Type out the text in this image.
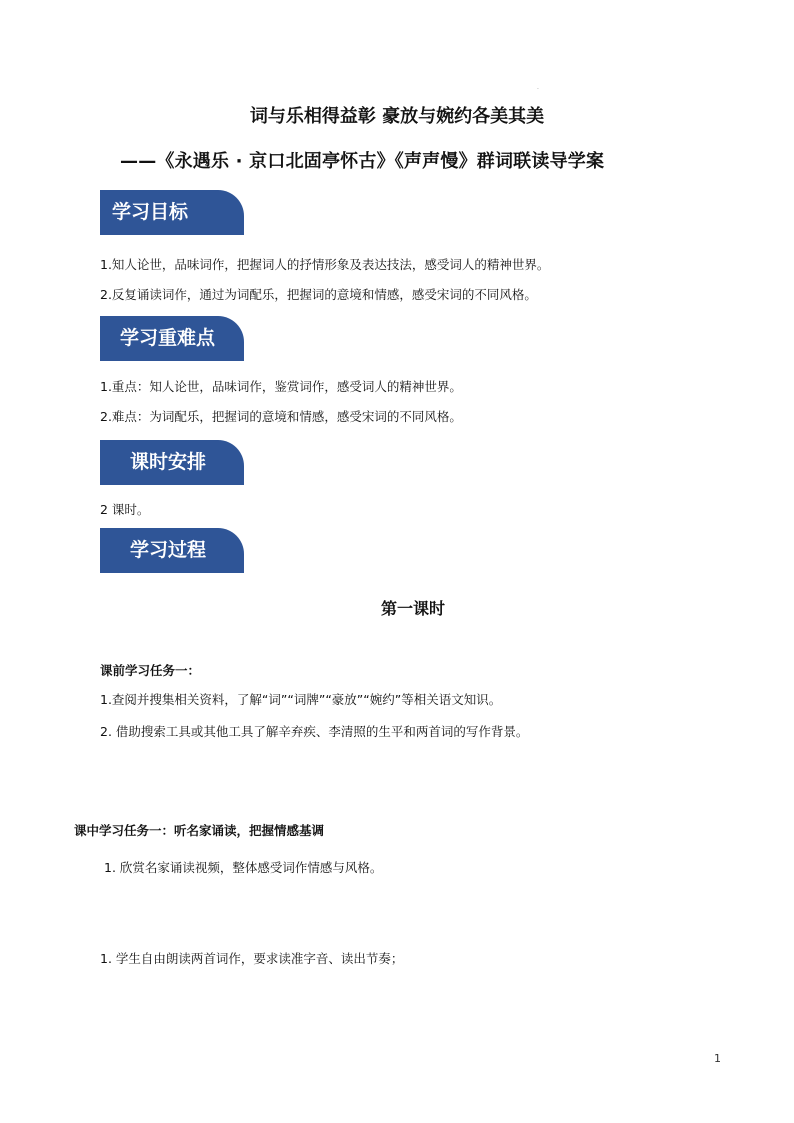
.
词与乐相得益彰 豪放与婉约各美其美
——《永遇乐 · 京口北固亭怀古》《声声慢》群词联读导学案
学习目标
1.知人论世，品味词作，把握词人的抒情形象及表达技法，感受词人的精神世界。
2.反复诵读词作，通过为词配乐，把握词的意境和情感，感受宋词的不同风格。
学习重难点
1.重点：知人论世，品味词作，鉴赏词作，感受词人的精神世界。
2.难点：为词配乐，把握词的意境和情感，感受宋词的不同风格。
课时安排
2 课时。
学习过程
第一课时
课前学习任务一：
1.查阅并搜集相关资料，了解“词”“词牌”“豪放”“婉约”等相关语文知识。
2. 借助搜索工具或其他工具了解辛弃疾、李清照的生平和两首词的写作背景。
课中学习任务一：听名家诵读，把握情感基调
1. 欣赏名家诵读视频，整体感受词作情感与风格。
1. 学生自由朗读两首词作，要求读准字音、读出节奏；
1
